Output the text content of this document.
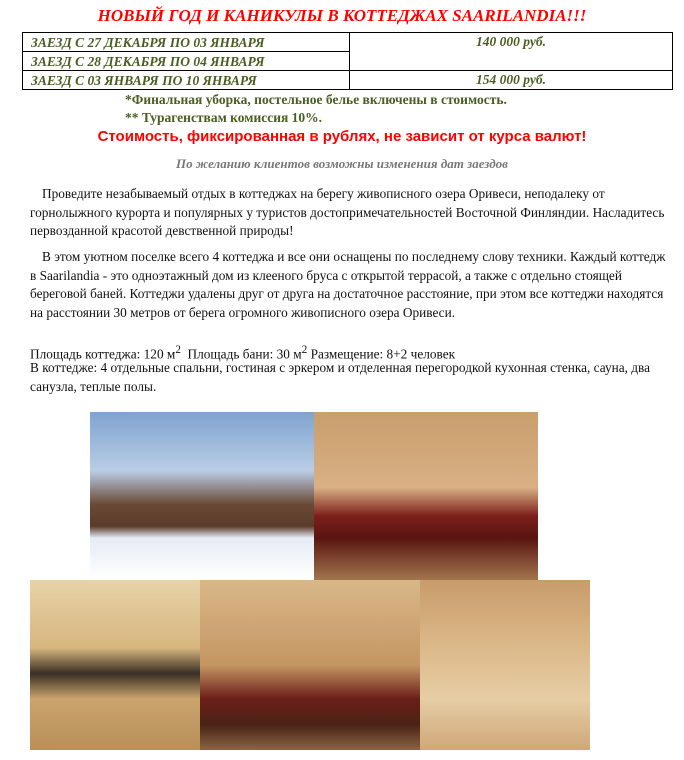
НОВЫЙ ГОД И КАНИКУЛЫ В КОТТЕДЖАХ SAARILANDIA!!!
ЗАЕЗД С 27 ДЕКАБРЯ ПО 03 ЯНВАРЯ	140 000 руб.
ЗАЕЗД С 28 ДЕКАБРЯ ПО 04 ЯНВАРЯ	
ЗАЕЗД С 03 ЯНВАРЯ ПО 10 ЯНВАРЯ	154 000 руб.
*Финальная уборка, постельное белье включены в стоимость.
** Турагенствам комиссия 10%.
Стоимость, фиксированная в рублях, не зависит от курса валют!
По желанию клиентов возможны изменения дат заездов
Проведите незабываемый отдых в коттеджах на берегу живописного озера Оривеси, неподалеку от горнолыжного курорта и популярных у туристов достопримечательностей Восточной Финляндии. Насладитесь первозданной красотой девственной природы!
В этом уютном поселке всего 4 коттеджа и все они оснащены по последнему слову техники. Каждый коттедж в Saarilandia - это одноэтажный дом из клееного бруса с открытой террасой, а также с отдельно стоящей береговой баней. Коттеджи удалены друг от друга на достаточное расстояние, при этом все коттеджи находятся на расстоянии 30 метров от берега огромного живописного озера Оривеси.
Площадь коттеджа: 120 $м^2$ Площадь бани: 30 $м^2$ Размещение: 8+2 человек
В коттедже: 4 отдельные спальни, гостиная с эркером и отделенная перегородкой кухонная стенка, сауна, два санузла, теплые полы.
